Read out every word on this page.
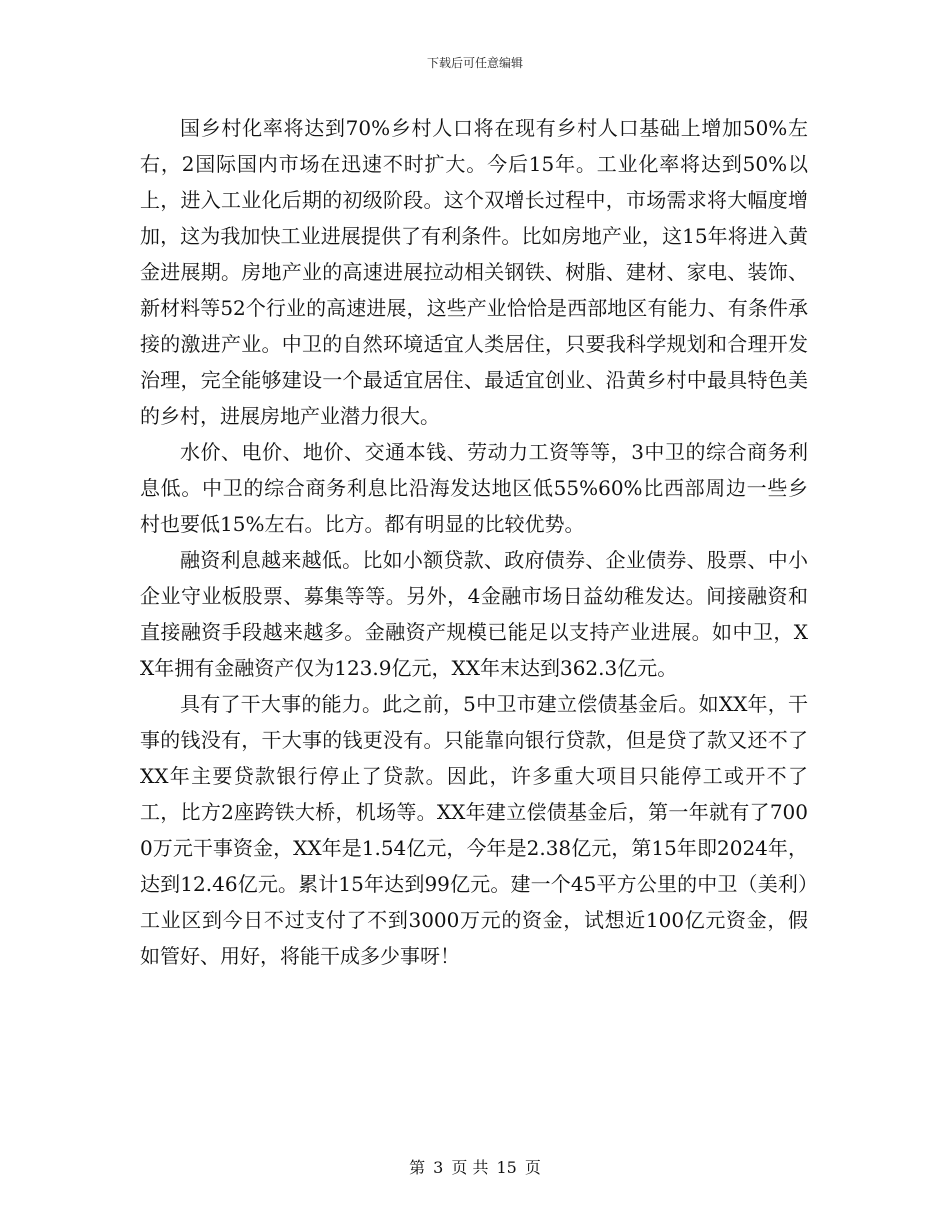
下载后可任意编辑

国乡村化率将达到70%乡村人口将在现有乡村人口基础上增加50%左右，2国际国内市场在迅速不时扩大。今后15年。工业化率将达到50%以上，进入工业化后期的初级阶段。这个双增长过程中，市场需求将大幅度增加，这为我加快工业进展提供了有利条件。比如房地产业，这15年将进入黄金进展期。房地产业的高速进展拉动相关钢铁、树脂、建材、家电、装饰、新材料等52个行业的高速进展，这些产业恰恰是西部地区有能力、有条件承接的激进产业。中卫的自然环境适宜人类居住，只要我科学规划和合理开发治理，完全能够建设一个最适宜居住、最适宜创业、沿黄乡村中最具特色美的乡村，进展房地产业潜力很大。

水价、电价、地价、交通本钱、劳动力工资等等，3中卫的综合商务利息低。中卫的综合商务利息比沿海发达地区低55%60%比西部周边一些乡村也要低15%左右。比方。都有明显的比较优势。

融资利息越来越低。比如小额贷款、政府债券、企业债券、股票、中小企业守业板股票、募集等等。另外，4金融市场日益幼稚发达。间接融资和直接融资手段越来越多。金融资产规模已能足以支持产业进展。如中卫，XX年拥有金融资产仅为123.9亿元，XX年末达到362.3亿元。

具有了干大事的能力。此之前，5中卫市建立偿债基金后。如XX年，干事的钱没有，干大事的钱更没有。只能靠向银行贷款，但是贷了款又还不了XX年主要贷款银行停止了贷款。因此，许多重大项目只能停工或开不了工，比方2座跨铁大桥，机场等。XX年建立偿债基金后，第一年就有了7000万元干事资金，XX年是1.54亿元，今年是2.38亿元，第15年即2024年，达到12.46亿元。累计15年达到99亿元。建一个45平方公里的中卫（美利）工业区到今日不过支付了不到3000万元的资金，试想近100亿元资金，假如管好、用好，将能干成多少事呀！

第 3 页 共 15 页
